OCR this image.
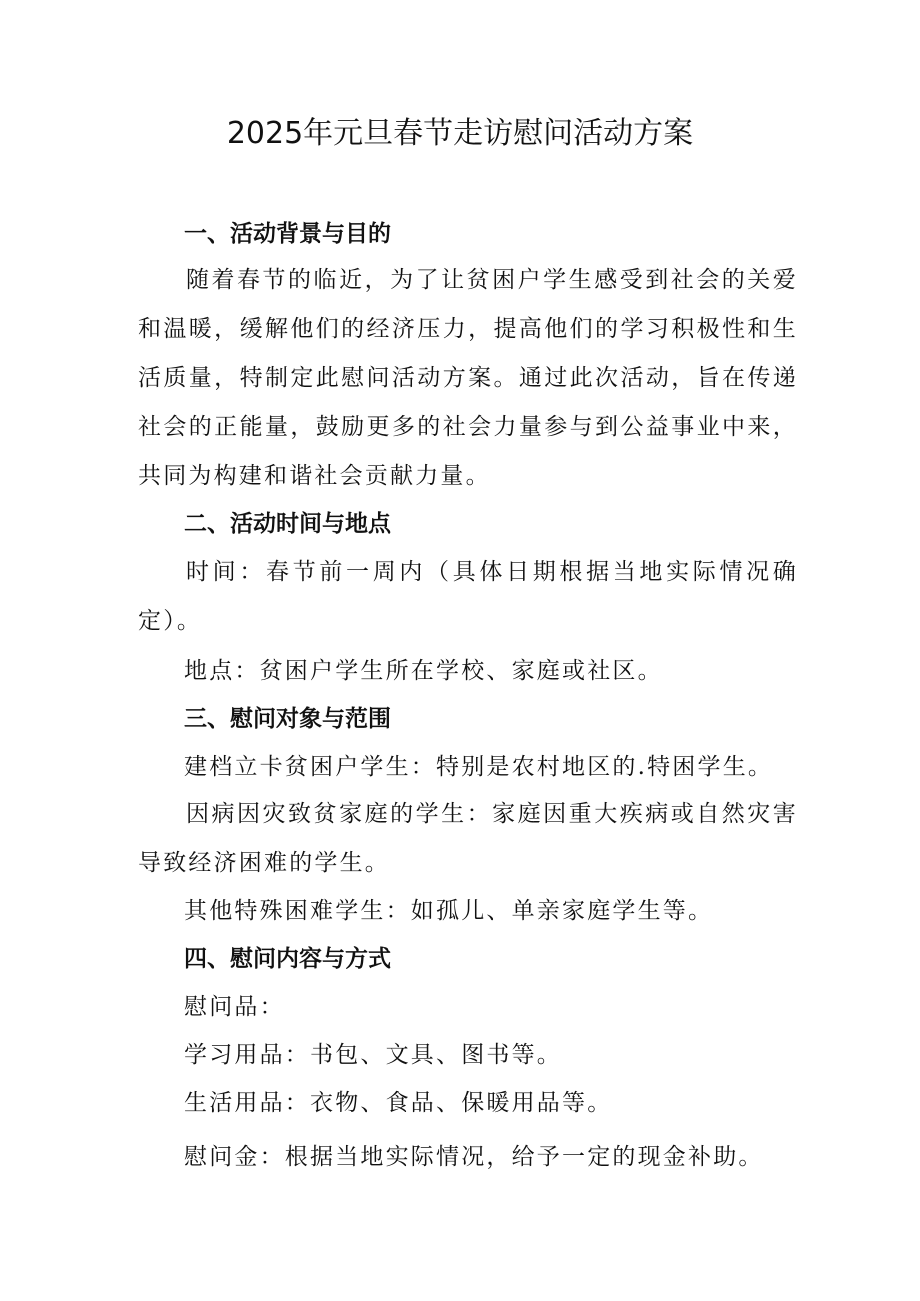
2025年元旦春节走访慰问活动方案
一、活动背景与目的

随着春节的临近，为了让贫困户学生感受到社会的关爱和温暖，缓解他们的经济压力，提高他们的学习积极性和生活质量，特制定此慰问活动方案。通过此次活动，旨在传递社会的正能量，鼓励更多的社会力量参与到公益事业中来，共同为构建和谐社会贡献力量。

二、活动时间与地点

时间：春节前一周内（具体日期根据当地实际情况确定）。

地点：贫困户学生所在学校、家庭或社区。

三、慰问对象与范围

建档立卡贫困户学生：特别是农村地区的.特困学生。

因病因灾致贫家庭的学生：家庭因重大疾病或自然灾害导致经济困难的学生。

其他特殊困难学生：如孤儿、单亲家庭学生等。

四、慰问内容与方式

慰问品：

学习用品：书包、文具、图书等。

生活用品：衣物、食品、保暖用品等。

慰问金：根据当地实际情况，给予一定的现金补助。
